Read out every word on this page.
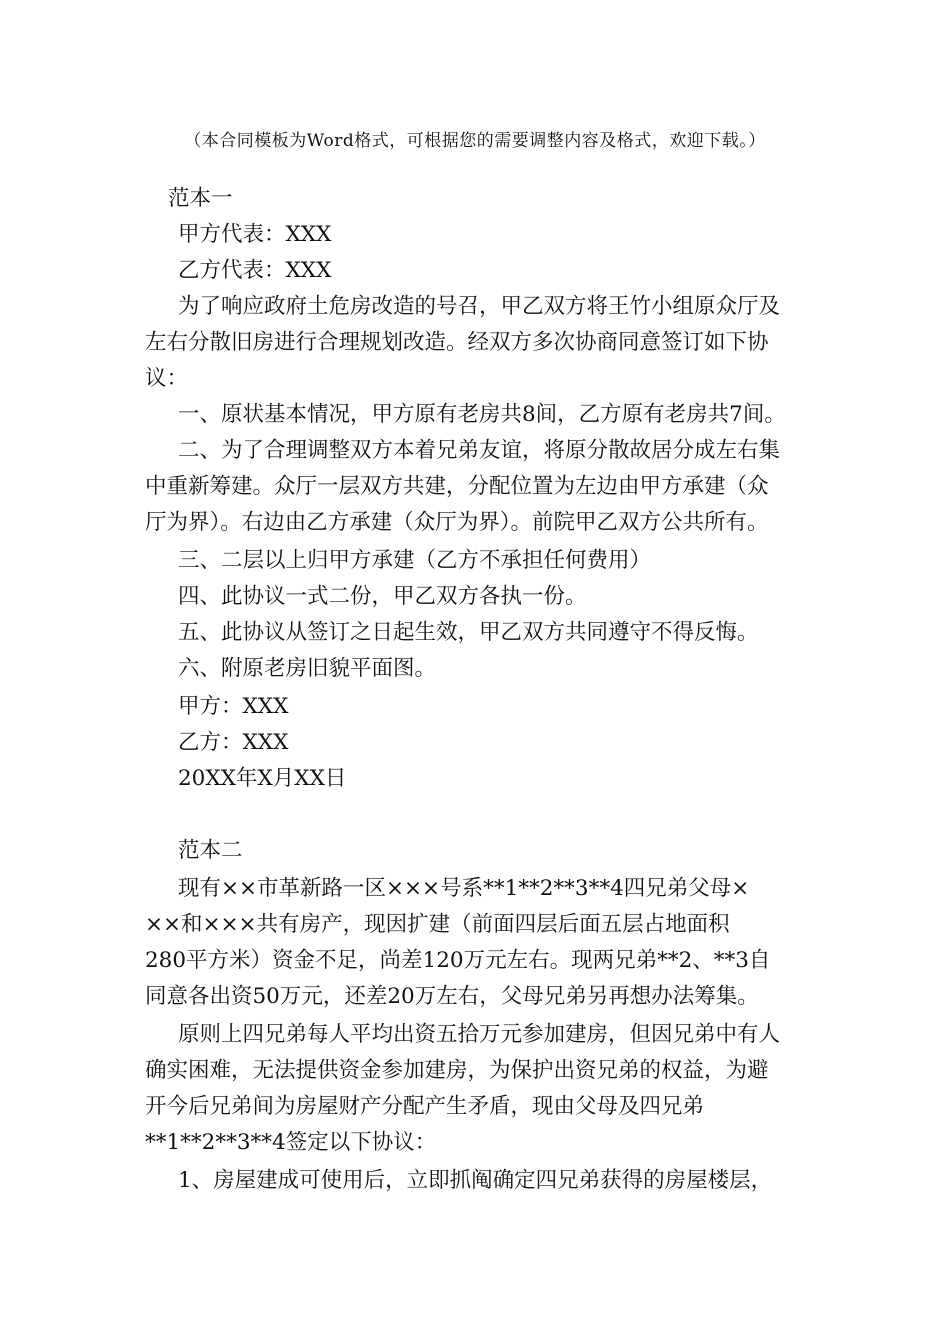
（本合同模板为Word格式，可根据您的需要调整内容及格式，欢迎下载。）
范本一
甲方代表：XXX
乙方代表：XXX
为了响应政府土危房改造的号召，甲乙双方将王竹小组原众厅及
左右分散旧房进行合理规划改造。经双方多次协商同意签订如下协
议：
一、原状基本情况，甲方原有老房共8间，乙方原有老房共7间。
二、为了合理调整双方本着兄弟友谊，将原分散故居分成左右集
中重新筹建。众厅一层双方共建，分配位置为左边由甲方承建（众
厅为界）。右边由乙方承建（众厅为界）。前院甲乙双方公共所有。
三、二层以上归甲方承建（乙方不承担任何费用）
四、此协议一式二份，甲乙双方各执一份。
五、此协议从签订之日起生效，甲乙双方共同遵守不得反悔。
六、附原老房旧貌平面图。
甲方：XXX
乙方：XXX
20XX年X月XX日
范本二
现有××市革新路一区×××号系**1**2**3**4四兄弟父母×
××和×××共有房产，现因扩建（前面四层后面五层占地面积
280平方米）资金不足，尚差120万元左右。现两兄弟**2、**3自
同意各出资50万元，还差20万左右，父母兄弟另再想办法筹集。
原则上四兄弟每人平均出资五拾万元参加建房，但因兄弟中有人
确实困难，无法提供资金参加建房，为保护出资兄弟的权益，为避
开今后兄弟间为房屋财产分配产生矛盾，现由父母及四兄弟
**1**2**3**4签定以下协议：
1、房屋建成可使用后，立即抓阄确定四兄弟获得的房屋楼层，
